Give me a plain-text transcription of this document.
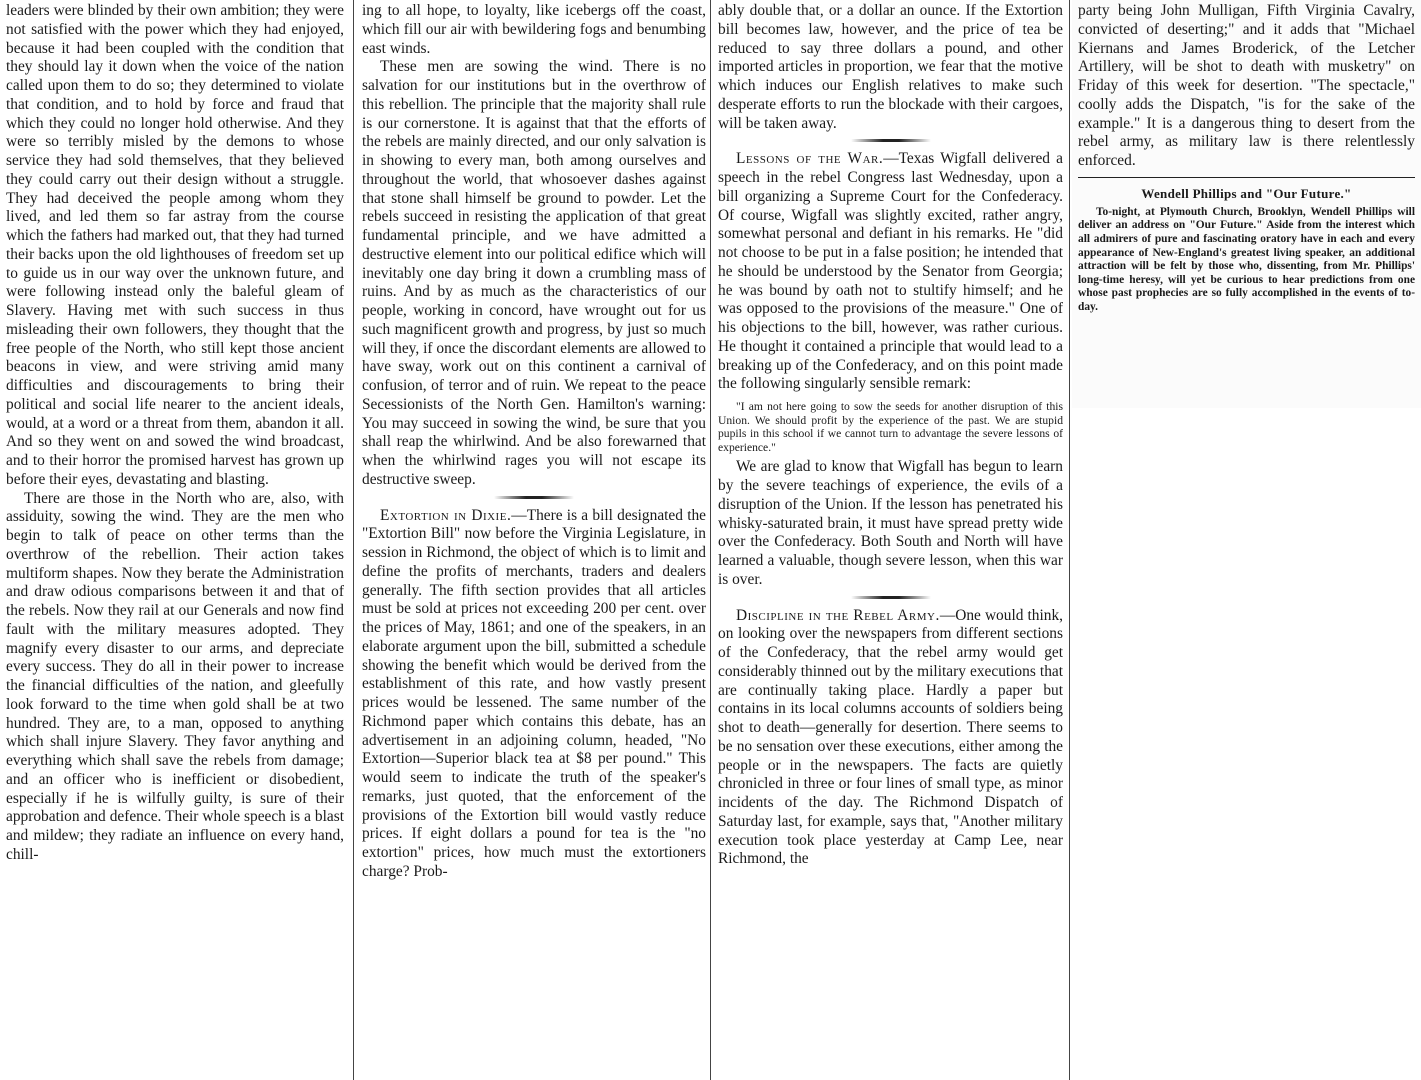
leaders were blinded by their own ambition; they were not satisfied with the power which they had enjoyed, because it had been coupled with the condition that they should lay it down when the voice of the nation called upon them to do so; they determined to violate that condition, and to hold by force and fraud that which they could no longer hold otherwise. And they were so terribly misled by the demons to whose service they had sold themselves, that they believed they could carry out their design without a struggle. They had deceived the people among whom they lived, and led them so far astray from the course which the fathers had marked out, that they had turned their backs upon the old lighthouses of freedom set up to guide us in our way over the unknown future, and were following instead only the baleful gleam of Slavery. Having met with such success in thus misleading their own followers, they thought that the free people of the North, who still kept those ancient beacons in view, and were striving amid many difficulties and discouragements to bring their political and social life nearer to the ancient ideals, would, at a word or a threat from them, abandon it all. And so they went on and sowed the wind broadcast, and to their horror the promised harvest has grown up before their eyes, devastating and blasting.

There are those in the North who are, also, with assiduity, sowing the wind. They are the men who begin to talk of peace on other terms than the overthrow of the rebellion. Their action takes multiform shapes. Now they berate the Administration and draw odious comparisons between it and that of the rebels. Now they rail at our Generals and now find fault with the military measures adopted. They magnify every disaster to our arms, and depreciate every success. They do all in their power to increase the financial difficulties of the nation, and gleefully look forward to the time when gold shall be at two hundred. They are, to a man, opposed to anything which shall injure Slavery. They favor anything and everything which shall save the rebels from damage; and an officer who is inefficient or disobedient, especially if he is wilfully guilty, is sure of their approbation and defence. Their whole speech is a blast and mildew; they radiate an influence on every hand, chill-

ing to all hope, to loyalty, like icebergs off the coast, which fill our air with bewildering fogs and benumbing east winds.

These men are sowing the wind. There is no salvation for our institutions but in the overthrow of this rebellion. The principle that the majority shall rule is our cornerstone. It is against that that the efforts of the rebels are mainly directed, and our only salvation is in showing to every man, both among ourselves and throughout the world, that whosoever dashes against that stone shall himself be ground to powder. Let the rebels succeed in resisting the application of that great fundamental principle, and we have admitted a destructive element into our political edifice which will inevitably one day bring it down a crumbling mass of ruins. And by as much as the characteristics of our people, working in concord, have wrought out for us such magnificent growth and progress, by just so much will they, if once the discordant elements are allowed to have sway, work out on this continent a carnival of confusion, of terror and of ruin. We repeat to the peace Secessionists of the North Gen. Hamilton's warning: You may succeed in sowing the wind, be sure that you shall reap the whirlwind. And be also forewarned that when the whirlwind rages you will not escape its destructive sweep.

Extortion in Dixie.—There is a bill designated the "Extortion Bill" now before the Virginia Legislature, in session in Richmond, the object of which is to limit and define the profits of merchants, traders and dealers generally. The fifth section provides that all articles must be sold at prices not exceeding 200 per cent. over the prices of May, 1861; and one of the speakers, in an elaborate argument upon the bill, submitted a schedule showing the benefit which would be derived from the establishment of this rate, and how vastly present prices would be lessened. The same number of the Richmond paper which contains this debate, has an advertisement in an adjoining column, headed, "No Extortion—Superior black tea at $8 per pound." This would seem to indicate the truth of the speaker's remarks, just quoted, that the enforcement of the provisions of the Extortion bill would vastly reduce prices. If eight dollars a pound for tea is the "no extortion" prices, how much must the extortioners charge? Prob-

ably double that, or a dollar an ounce. If the Extortion bill becomes law, however, and the price of tea be reduced to say three dollars a pound, and other imported articles in proportion, we fear that the motive which induces our English relatives to make such desperate efforts to run the blockade with their cargoes, will be taken away.

Lessons of the War.—Texas Wigfall delivered a speech in the rebel Congress last Wednesday, upon a bill organizing a Supreme Court for the Confederacy. Of course, Wigfall was slightly excited, rather angry, somewhat personal and defiant in his remarks. He "did not choose to be put in a false position; he intended that he should be understood by the Senator from Georgia; he was bound by oath not to stultify himself; and he was opposed to the provisions of the measure." One of his objections to the bill, however, was rather curious. He thought it contained a principle that would lead to a breaking up of the Confederacy, and on this point made the following singularly sensible remark:

"I am not here going to sow the seeds for another disruption of this Union. We should profit by the experience of the past. We are stupid pupils in this school if we cannot turn to advantage the severe lessons of experience."

We are glad to know that Wigfall has begun to learn by the severe teachings of experience, the evils of a disruption of the Union. If the lesson has penetrated his whisky-saturated brain, it must have spread pretty wide over the Confederacy. Both South and North will have learned a valuable, though severe lesson, when this war is over.

Discipline in the Rebel Army.—One would think, on looking over the newspapers from different sections of the Confederacy, that the rebel army would get considerably thinned out by the military executions that are continually taking place. Hardly a paper but contains in its local columns accounts of soldiers being shot to death—generally for desertion. There seems to be no sensation over these executions, either among the people or in the newspapers. The facts are quietly chronicled in three or four lines of small type, as minor incidents of the day. The Richmond Dispatch of Saturday last, for example, says that, "Another military execution took place yesterday at Camp Lee, near Richmond, the

party being John Mulligan, Fifth Virginia Cavalry, convicted of deserting;" and it adds that "Michael Kiernans and James Broderick, of the Letcher Artillery, will be shot to death with musketry" on Friday of this week for desertion. "The spectacle," coolly adds the Dispatch, "is for the sake of the example." It is a dangerous thing to desert from the rebel army, as military law is there relentlessly enforced.

Wendell Phillips and "Our Future."

To-night, at Plymouth Church, Brooklyn, Wendell Phillips will deliver an address on "Our Future." Aside from the interest which all admirers of pure and fascinating oratory have in each and every appearance of New-England's greatest living speaker, an additional attraction will be felt by those who, dissenting, from Mr. Phillips' long-time heresy, will yet be curious to hear predictions from one whose past prophecies are so fully accomplished in the events of to-day.
